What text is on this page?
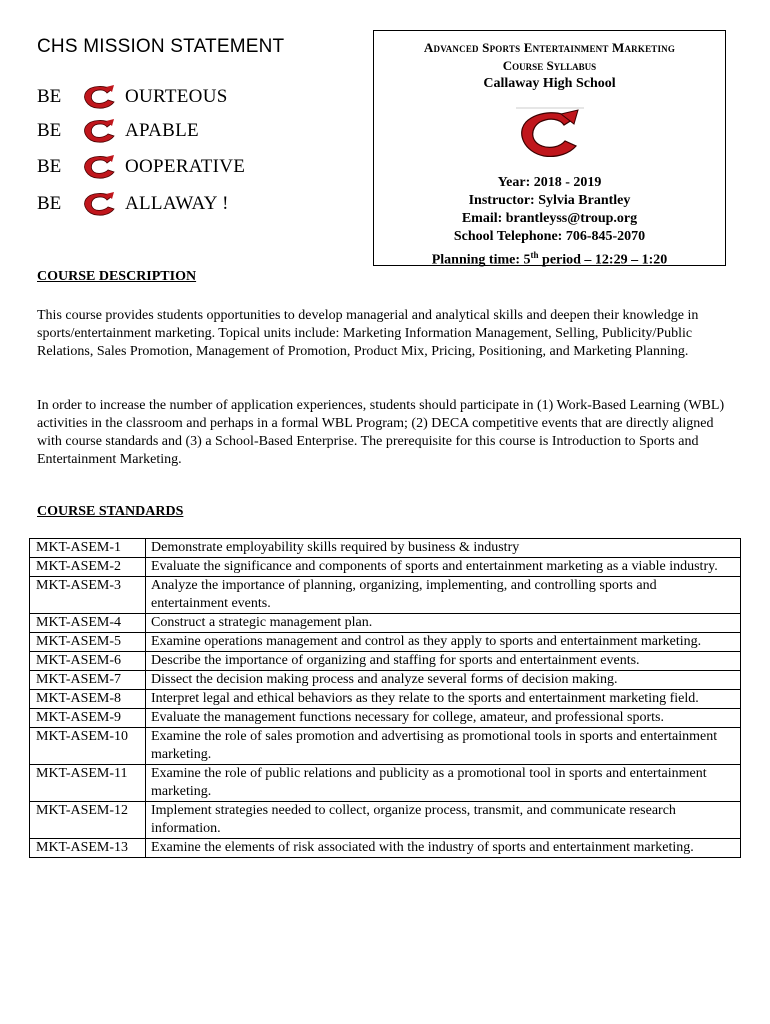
CHS MISSION STATEMENT
BE	OURTEOUS
BE	APABLE
BE	OOPERATIVE
BE	ALLAWAY !
Advanced Sports Entertainment Marketing
Course Syllabus
Callaway High School
Year: 2018 - 2019
Instructor: Sylvia Brantley
Email: brantleyss@troup.org
School Telephone: 706-845-2070
Planning time: 5th period – 12:29 – 1:20
COURSE DESCRIPTION
This course provides students opportunities to develop managerial and analytical skills and deepen their knowledge in sports/entertainment marketing. Topical units include: Marketing Information Management, Selling, Publicity/Public Relations, Sales Promotion, Management of Promotion, Product Mix, Pricing, Positioning, and Marketing Planning.
In order to increase the number of application experiences, students should participate in (1) Work-Based Learning (WBL) activities in the classroom and perhaps in a formal WBL Program; (2) DECA competitive events that are directly aligned with course standards and (3) a School-Based Enterprise. The prerequisite for this course is Introduction to Sports and Entertainment Marketing.
COURSE STANDARDS
MKT-ASEM-1	Demonstrate employability skills required by business & industry
MKT-ASEM-2	Evaluate the significance and components of sports and entertainment marketing as a viable industry.
MKT-ASEM-3	Analyze the importance of planning, organizing, implementing, and controlling sports and entertainment events.
MKT-ASEM-4	Construct a strategic management plan.
MKT-ASEM-5	Examine operations management and control as they apply to sports and entertainment marketing.
MKT-ASEM-6	Describe the importance of organizing and staffing for sports and entertainment events.
MKT-ASEM-7	Dissect the decision making process and analyze several forms of decision making.
MKT-ASEM-8	Interpret legal and ethical behaviors as they relate to the sports and entertainment marketing field.
MKT-ASEM-9	Evaluate the management functions necessary for college, amateur, and professional sports.
MKT-ASEM-10	Examine the role of sales promotion and advertising as promotional tools in sports and entertainment marketing.
MKT-ASEM-11	Examine the role of public relations and publicity as a promotional tool in sports and entertainment marketing.
MKT-ASEM-12	Implement strategies needed to collect, organize process, transmit, and communicate research information.
MKT-ASEM-13	Examine the elements of risk associated with the industry of sports and entertainment marketing.
